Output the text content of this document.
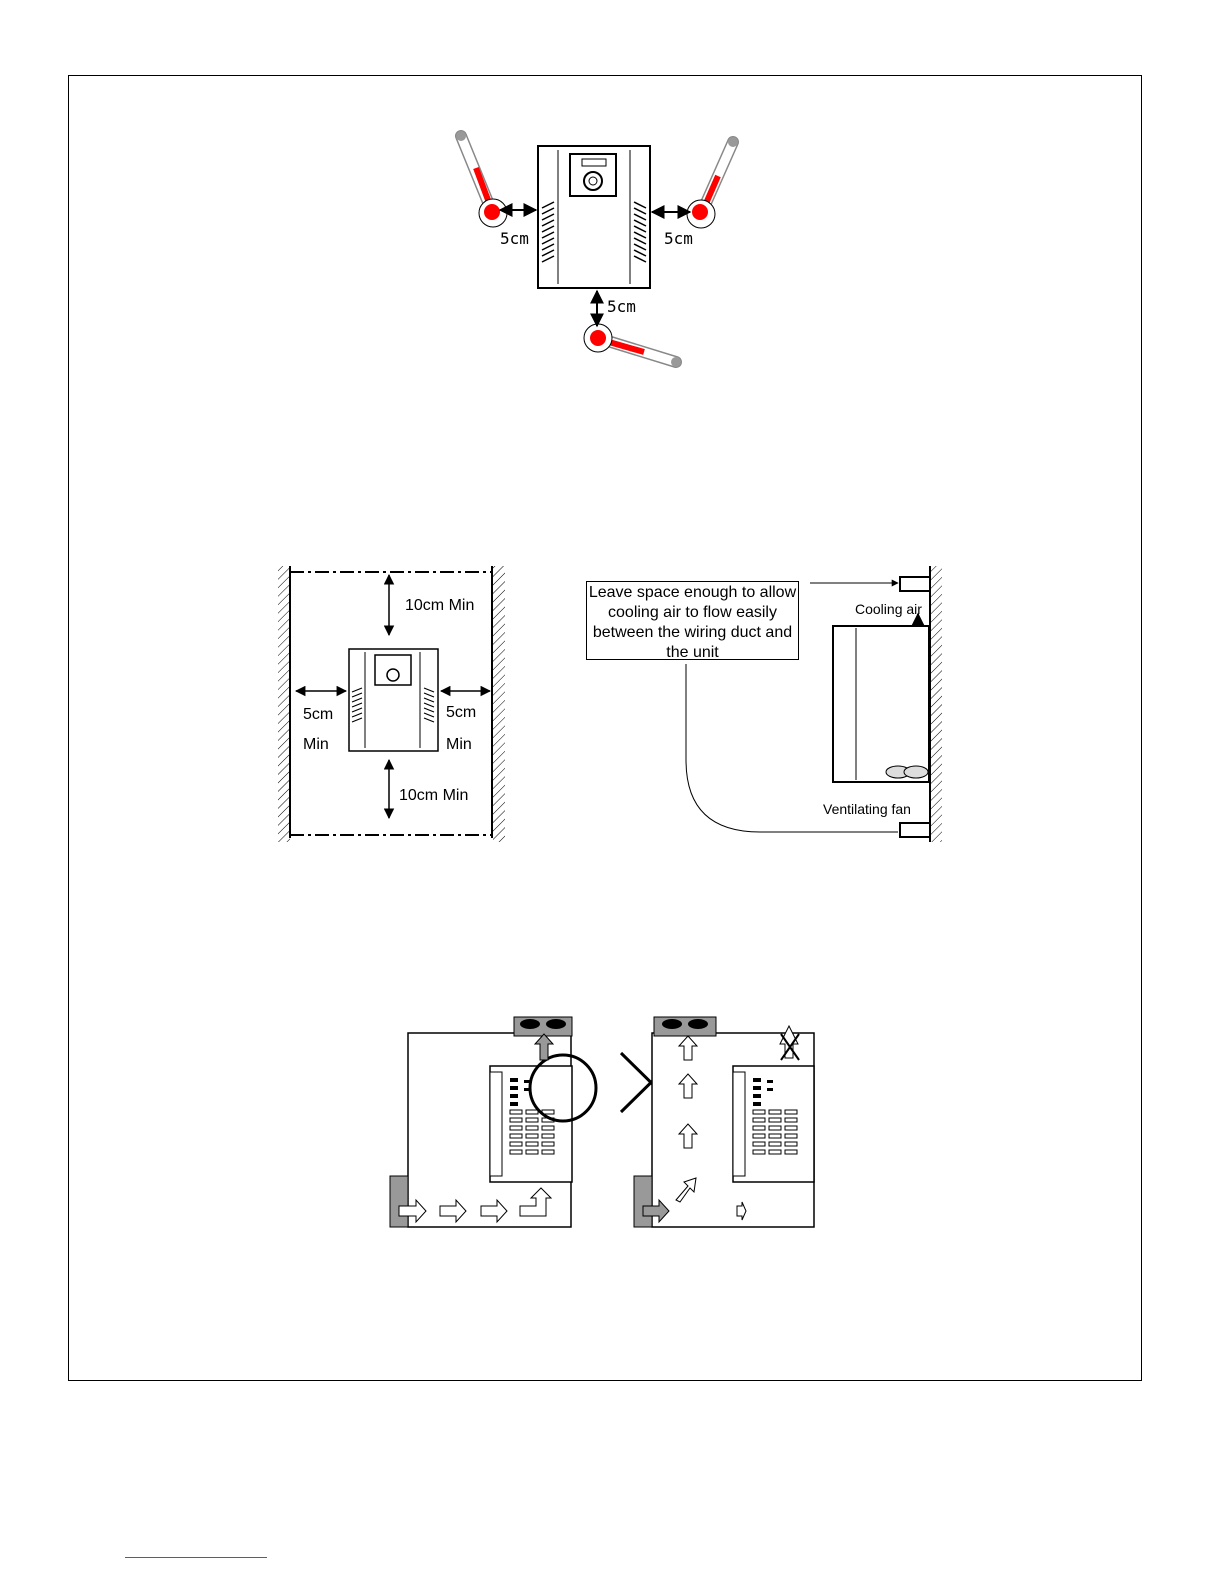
5cm	5cm
5cm
10cm Min
10cm Min
5cm
Min
5cm
Min
Leave space enough to allow cooling air to flow easily between the wiring duct and the unit
Cooling air
Ventilating fan
